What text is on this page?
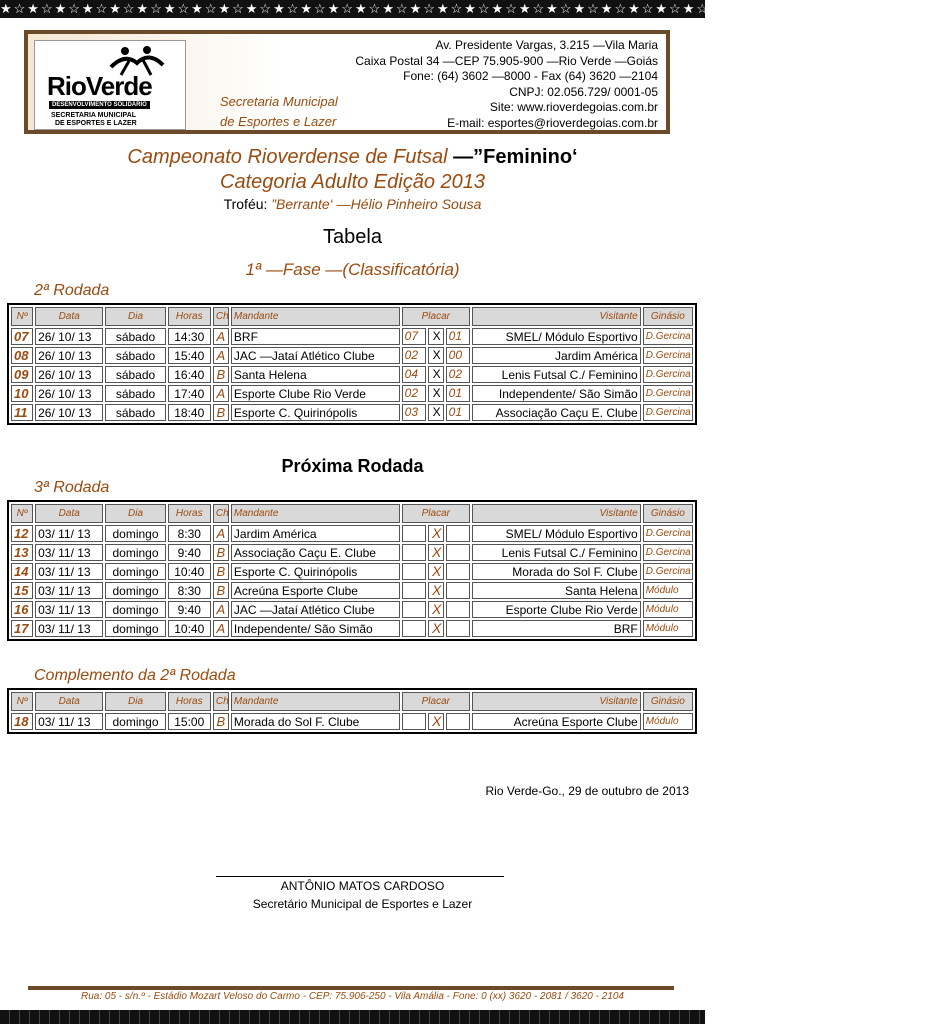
★☆★☆★☆★☆★☆★☆★☆★☆★☆★☆★☆★☆★☆★☆★☆★☆★☆★☆★☆★☆★☆★☆★☆★☆★☆★☆★☆★☆★☆★☆★☆★☆★☆★☆
RioVerde
DESENVOLVIMENTO SOLIDÁRIO
SECRETARIA MUNICIPAL
DE ESPORTES E LAZER
Secretaria Municipal
de Esportes e Lazer
Av. Presidente Vargas, 3.215 —Vila Maria
Caixa Postal 34 —CEP 75.905-900 —Rio Verde —Goiás
Fone: (64) 3602 —8000 - Fax (64) 3620 —2104
CNPJ: 02.056.729/ 0001-05
Site: www.rioverdegoias.com.br
E-mail: esportes@rioverdegoias.com.br
Campeonato Rioverdense de Futsal —”Feminino‘
Categoria Adulto Edição 2013
Troféu: ”Berrante‘ —Hélio Pinheiro Sousa
Tabela
1ª —Fase —(Classificatória)
2ª Rodada
Nº	Data	Dia	Horas	Ch	Mandante	Placar	Visitante	Ginásio
07	26/ 10/ 13	sábado	14:30	A	BRF	07 X 01	SMEL/ Módulo Esportivo	D.Gercina
08	26/ 10/ 13	sábado	15:40	A	JAC —Jataí Atlético Clube	02 X 00	Jardim América	D.Gercina
09	26/ 10/ 13	sábado	16:40	B	Santa Helena	04 X 02	Lenis Futsal C./ Feminino	D.Gercina
10	26/ 10/ 13	sábado	17:40	A	Esporte Clube Rio Verde	02 X 01	Independente/ São Simão	D.Gercina
11	26/ 10/ 13	sábado	18:40	B	Esporte C. Quirinópolis	03 X 01	Associação Caçu E. Clube	D.Gercina
Próxima Rodada
3ª Rodada
Nº	Data	Dia	Horas	Ch	Mandante	Placar	Visitante	Ginásio
12	03/ 11/ 13	domingo	8:30	A	Jardim América	X	SMEL/ Módulo Esportivo	D.Gercina
13	03/ 11/ 13	domingo	9:40	B	Associação Caçu E. Clube	X	Lenis Futsal C./ Feminino	D.Gercina
14	03/ 11/ 13	domingo	10:40	B	Esporte C. Quirinópolis	X	Morada do Sol F. Clube	D.Gercina
15	03/ 11/ 13	domingo	8:30	B	Acreúna Esporte Clube	X	Santa Helena	Módulo
16	03/ 11/ 13	domingo	9:40	A	JAC —Jataí Atlético Clube	X	Esporte Clube Rio Verde	Módulo
17	03/ 11/ 13	domingo	10:40	A	Independente/ São Simão	X	BRF	Módulo
Complemento da 2ª Rodada
Nº	Data	Dia	Horas	Ch	Mandante	Placar	Visitante	Ginásio
18	03/ 11/ 13	domingo	15:00	B	Morada do Sol F. Clube	X	Acreúna Esporte Clube	Módulo
Rio Verde-Go., 29 de outubro de 2013
ANTÔNIO MATOS CARDOSO
Secretário Municipal de Esportes e Lazer
Rua: 05 - s/n.º - Estádio Mozart Veloso do Carmo - CEP: 75.906-250 - Vila Amália - Fone: 0 (xx) 3620 - 2081 / 3620 - 2104
